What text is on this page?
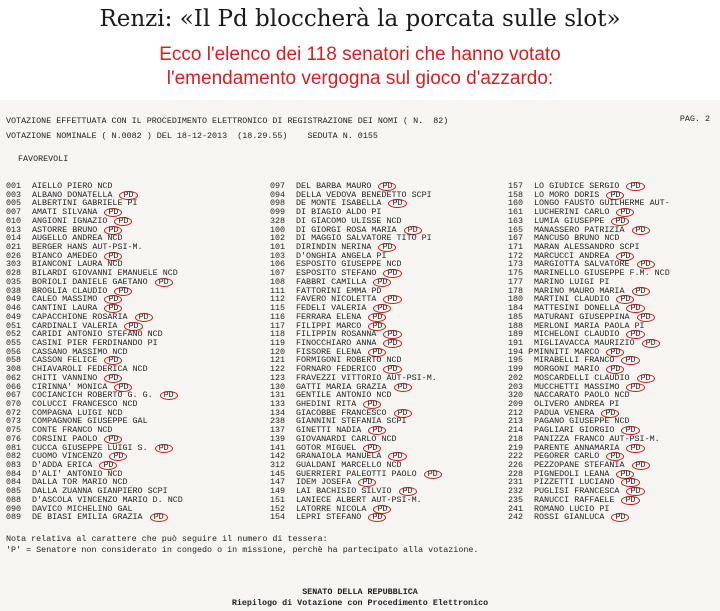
Renzi: «Il Pd bloccherà la porcata sulle slot»
Ecco l'elenco dei 118 senatori che hanno votato
l'emendamento vergogna sul gioco d'azzardo:
VOTAZIONE EFFETTUATA CON IL PROCEDIMENTO ELETTRONICO DI REGISTRAZIONE DEI NOMI ( N.  82)	PAG. 2
VOTAZIONE NOMINALE ( N.0082 ) DEL 18-12-2013  (18.29.55)    SEDUTA N. 0155
FAVOREVOLI
001 AIELLO PIERO NCD
003 ALBANO DONATELLA PD
005 ALBERTINI GABRIELE PI
007 AMATI SILVANA PD
010 ANGIONI IGNAZIO PD
013 ASTORRE BRUNO PD
014 AUGELLO ANDREA NCD
021 BERGER HANS AUT-PSI-M.
026 BIANCO AMEDEO PD
303 BIANCONI LAURA NCD
028 BILARDI GIOVANNI EMANUELE NCD
035 BORIOLI DANIELE GAETANO PD
038 BROGLIA CLAUDIO PD
049 CALEO MASSIMO PD
046 CANTINI LAURA PD
049 CAPACCHIONE ROSARIA PD
051 CARDINALI VALERIA PD
052 CARIDI ANTONIO STEFANO NCD
055 CASINI PIER FERDINANDO PI
056 CASSANO MASSIMO NCD
058 CASSON FELICE PD
308 CHIAVAROLI FEDERICA NCD
062 CHITI VANNINO PD
066 CIRINNA' MONICA PD
067 COCIANCICH ROBERTO G. G. PD
070 COLUCCI FRANCESCO NCD
072 COMPAGNA LUIGI NCD
073 COMPAGNONE GIUSEPPE GAL
075 CONTE FRANCO NCD
076 CORSINI PAOLO PD
081 CUCCA GIUSEPPE LUIGI S. PD
082 CUOMO VINCENZO PD
083 D'ADDA ERICA PD
084 D'ALI' ANTONIO NCD
084 DALLA TOR MARIO NCD
085 DALLA ZUANNA GIANPIERO SCPI
088 D'ASCOLA VINCENZO MARIO D. NCD
090 DAVICO MICHELINO GAL
089 DE BIASI EMILIA GRAZIA PD
097 DEL BARBA MAURO PD
094 DELLA VEDOVA BENEDETTO SCPI
098 DE MONTE ISABELLA PD
099 DI BIAGIO ALDO PI
328 DI GIACOMO ULISSE NCD
100 DI GIORGI ROSA MARIA PD
102 DI MAGGIO SALVATORE TITO PI
101 DIRINDIN NERINA PD
103 D'ONGHIA ANGELA PI
106 ESPOSITO GIUSEPPE NCD
107 ESPOSITO STEFANO PD
108 FABBRI CAMILLA PD
111 FATTORINI EMMA PD
112 FAVERO NICOLETTA PD
115 FEDELI VALERIA PD
116 FERRARA ELENA PD
117 FILIPPI MARCO PD
118 FILIPPIN ROSANNA PD
119 FINOCCHIARO ANNA PD
120 FISSORE ELENA PD
121 FORMIGONI ROBERTO NCD
122 FORNARO FEDERICO PD
123 FRAVEZZI VITTORIO AUT-PSI-M.
130 GATTI MARIA GRAZIA PD
131 GENTILE ANTONIO NCD
133 GHEDINI RITA PD
134 GIACOBBE FRANCESCO PD
238 GIANNINI STEFANIA SCPI
137 GINETTI NADIA PD
139 GIOVANARDI CARLO NCD
141 GOTOR MIGUEL PD
142 GRANAIOLA MANUELA PD
312 GUALDANI MARCELLO NCD
145 GUERRIERI PALEOTTI PAOLO PD
147 IDEM JOSEFA PD
149 LAI BACHISIO SILVIO PD
151 LANIECE ALBERT AUT-PSI-M.
152 LATORRE NICOLA PD
154 LEPRI STEFANO PD
157 LO GIUDICE SERGIO PD
158 LO MORO DORIS PD
160 LONGO FAUSTO GUILHERME AUT-
161 LUCHERINI CARLO PD
163 LUMIA GIUSEPPE PD
165 MANASSERO PATRIZIA PD
167 MANCUSO BRUNO NCD
171 MARAN ALESSANDRO SCPI
172 MARCUCCI ANDREA PD
173 MARGIOTTA SALVATORE PD
175 MARINELLO GIUSEPPE F.M. NCD
177 MARINO LUIGI PI
178 MARINO MAURO MARIA PD
180 MARTINI CLAUDIO PD
184 MATTESINI DONELLA PD
185 MATURANI GIUSEPPINA PD
188 MERLONI MARIA PAOLA PI
189 MICHELONI CLAUDIO PD
191 MIGLIAVACCA MAURIZIO PD
194 PMINNITI MARCO PD
195 MIRABELLI FRANCO PD
199 MORGONI MARIO PD
202 MOSCARDELLI CLAUDIO PD
203 MUCCHETTI MASSIMO PD
320 NACCARATO PAOLO NCD
209 OLIVERO ANDREA PI
212 PADUA VENERA PD
213 PAGANO GIUSEPPE NCD
214 PAGLIARI GIORGIO PD
218 PANIZZA FRANCO AUT-PSI-M.
219 PARENTE ANNAMARIA PD
222 PEGORER CARLO PD
226 PEZZOPANE STEFANIA PD
228 PIGNEDOLI LEANA PD
231 PIZZETTI LUCIANO PD
232 PUGLISI FRANCESCA PD
235 RANUCCI RAFFAELE PD
241 ROMANO LUCIO PI
242 ROSSI GIANLUCA PD
Nota relativa al carattere che può seguire il numero di tessera:
'P' = Senatore non considerato in congedo o in missione, perchè ha partecipato alla votazione.
SENATO DELLA REPUBBLICA
Riepilogo di Votazione con Procedimento Elettronico
